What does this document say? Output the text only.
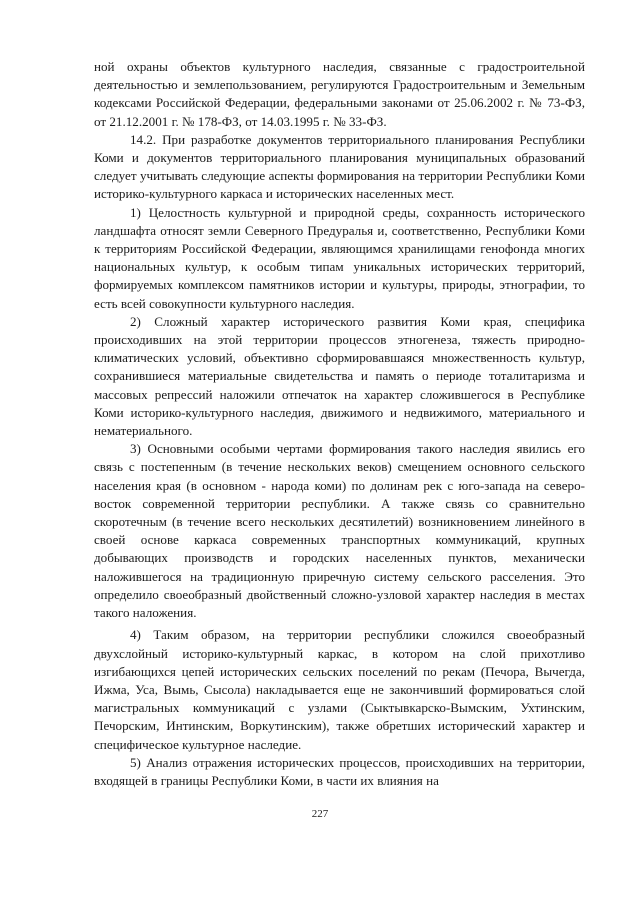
ной охраны объектов культурного наследия, связанные с градостроительной деятельностью и землепользованием, регулируются Градостроительным и Земельным кодексами Российской Федерации, федеральными законами от 25.06.2002 г. № 73-ФЗ, от 21.12.2001 г. № 178-ФЗ, от 14.03.1995 г. № 33-ФЗ.

14.2. При разработке документов территориального планирования Республики Коми и документов территориального планирования муниципальных образований следует учитывать следующие аспекты формирования на территории Республики Коми историко-культурного каркаса и исторических населенных мест.

1) Целостность культурной и природной среды, сохранность исторического ландшафта относят земли Северного Предуралья и, соответственно, Республики Коми к территориям Российской Федерации, являющимся хранилищами генофонда многих национальных культур, к особым типам уникальных исторических территорий, формируемых комплексом памятников истории и культуры, природы, этнографии, то есть всей совокупности культурного наследия.

2) Сложный характер исторического развития Коми края, специфика происходивших на этой территории процессов этногенеза, тяжесть природно-климатических условий, объективно сформировавшаяся множественность культур, сохранившиеся материальные свидетельства и память о периоде тоталитаризма и массовых репрессий наложили отпечаток на характер сложившегося в Республике Коми историко-культурного наследия, движимого и недвижимого, материального и нематериального.

3) Основными особыми чертами формирования такого наследия явились его связь с постепенным (в течение нескольких веков) смещением основного сельского населения края (в основном - народа коми) по долинам рек с юго-запада на северо-восток современной территории республики. А также связь со сравнительно скоротечным (в течение всего нескольких десятилетий) возникновением линейного в своей основе каркаса современных транспортных коммуникаций, крупных добывающих производств и городских населенных пунктов, механически наложившегося на традиционную приречную систему сельского расселения. Это определило своеобразный двойственный сложно-узловой характер наследия в местах такого наложения.

4) Таким образом, на территории республики сложился своеобразный двухслойный историко-культурный каркас, в котором на слой прихотливо изгибающихся цепей исторических сельских поселений по рекам (Печора, Вычегда, Ижма, Уса, Вымь, Сысола) накладывается еще не закончивший формироваться слой магистральных коммуникаций с узлами (Сыктывкарско-Вымским, Ухтинским, Печорским, Интинским, Воркутинским), также обретших исторический характер и специфическое культурное наследие.

5) Анализ отражения исторических процессов, происходивших на территории, входящей в границы Республики Коми, в части их влияния на

227
